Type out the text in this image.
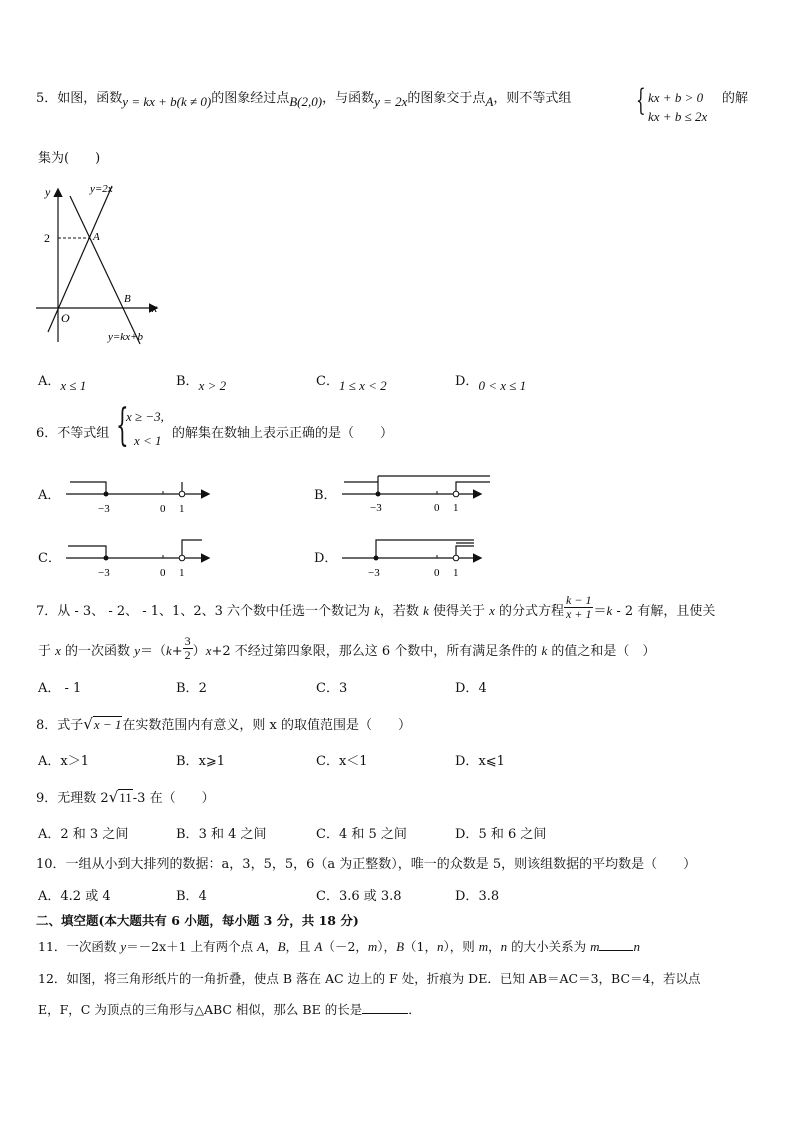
5．如图，函数y = kx + b(k ≠ 0)的图象经过点B(2,0)，与函数y = 2x的图象交于点A，则不等式组 { kx + b > 0
kx + b ≤ 2x
的解
集为(　　)
y
x
O
2	A
B
y=2x
y=kx+b
A．x ≤ 1	B．x > 2	C．1 ≤ x < 2	D．0 < x ≤ 1
6．不等式组 {
x ≥ −3,
x < 1 的解集在数轴上表示正确的是（　　）
A．
−3	0 1
B．
−3	0 1
C．
−3	0 1
D．
−3	0 1
7．从 - 3、 - 2、 - 1、1、2、3 六个数中任选一个数记为 k，若数 k 使得关于 x 的分式方程 $\frac{k - 1}{x + 1} =k - 2$ 有解，且使关
于 x 的一次函数 $y=(k+ \frac{3}{2} )x+2$ 不经过第四象限，那么这 6 个数中，所有满足条件的 k 的值之和是（　）
A． - 1	B．2	C．3	D．4
8．式子√x − 1在实数范围内有意义，则 x 的取值范围是（　　）
A．x＞1	B．x⩾1	C．x＜1	D．x⩽1
9．无理数 2√11-3 在（　　）
A．2 和 3 之间	B．3 和 4 之间	C．4 和 5 之间	D．5 和 6 之间
10．一组从小到大排列的数据：a，3，5，5，6（a 为正整数），唯一的众数是 5，则该组数据的平均数是（　　）
A．4.2 或 4	B．4	C．3.6 或 3.8	D．3.8
二、填空题(本大题共有 6 小题，每小题 3 分，共 18 分)
11．一次函数 y＝－2x＋1 上有两个点 A，B，且 A（－2，m），B（1，n），则 m，n 的大小关系为 m	n
12．如图，将三角形纸片的一角折叠，使点 B 落在 AC 边上的 F 处，折痕为 DE．已知 AB＝AC＝3，BC＝4，若以点
E，F，C 为顶点的三角形与△ABC 相似，那么 BE 的长是	．
